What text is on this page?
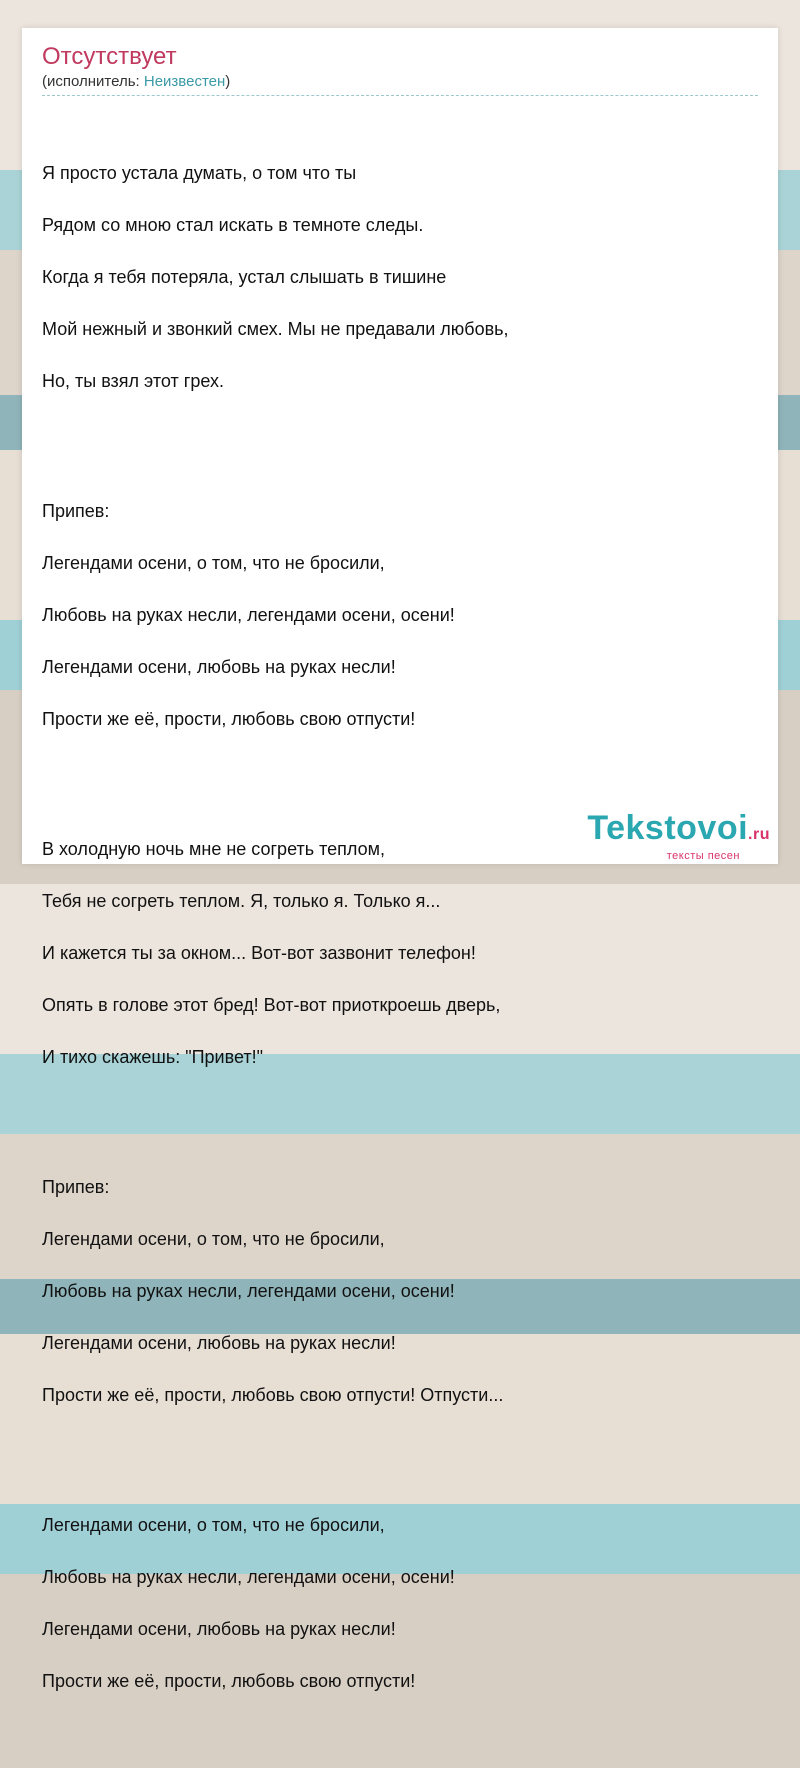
Отсутствует
(исполнитель: Неизвестен)

Я просто устала думать, о том что ты

Рядом со мною стал искать в темноте следы.

Когда я тебя потеряла, устал слышать в тишине

Мой нежный и звонкий смех. Мы не предавали любовь,

Но, ты взял этот грех.

Припев:

Легендами осени, о том, что не бросили,

Любовь на руках несли, легендами осени, осени!

Легендами осени, любовь на руках несли!

Прости же её, прости, любовь свою отпусти!

В холодную ночь мне не согреть теплом,

Тебя не согреть теплом. Я, только я. Только я...

И кажется ты за окном... Вот-вот зазвонит телефон!

Опять в голове этот бред! Вот-вот приоткроешь дверь,

И тихо скажешь: "Привет!"

Припев:

Легендами осени, о том, что не бросили,

Любовь на руках несли, легендами осени, осени!

Легендами осени, любовь на руках несли!

Прости же её, прости, любовь свою отпусти! Отпусти...

Легендами осени, о том, что не бросили,

Любовь на руках несли, легендами осени, осени!

Легендами осени, любовь на руках несли!

Прости же её, прости, любовь свою отпусти!

Tekstovoi.ru
тексты песен
